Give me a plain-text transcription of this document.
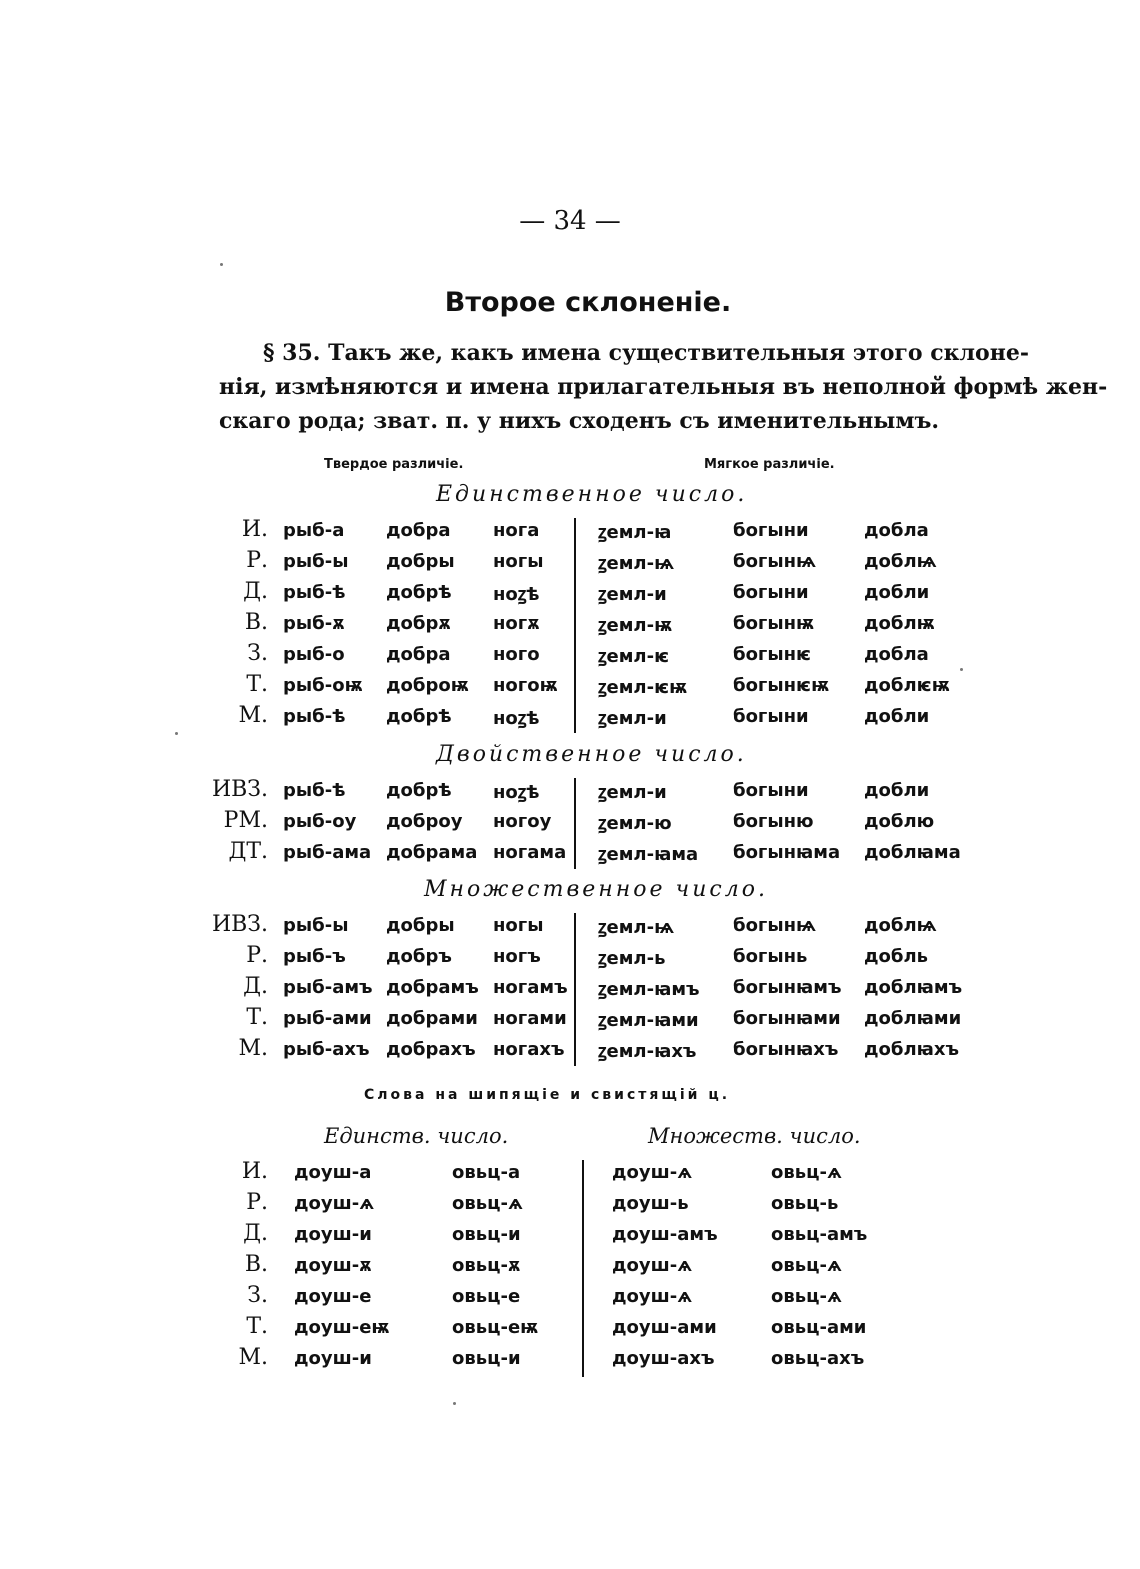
— 34 —
Второе склоненіе.
§ 35. Такъ же, какъ имена существительныя этого склоне-
нія, измѣняются и имена прилагательныя въ неполной формѣ жен-
скаго рода; зват. п. у нихъ сходенъ съ именительнымъ.
Твердое различіе.	Мягкое различіе.
Единственное число.
И. рыб-а добра нога	ꙁемл-ꙗ	богыни	добла
Р. рыб-ы добры ногы	ꙁемл-ѩ	богынѩ	доблѩ
Д. рыб-ѣ добрѣ ноꙁѣ	ꙁемл-и	богыни	добли
В. рыб-ѫ добрѫ ногѫ	ꙁемл-ѭ	богынѭ	доблѭ
З. рыб-о добра ного	ꙁемл-ѥ	богынѥ	добла
Т. рыб-оѭ доброѭ ногоѭ ꙁемл-ѥѭ	богынѥѭ доблѥѭ
М. рыб-ѣ добрѣ ноꙁѣ	ꙁемл-и	богыни	добли
Двойственное число.
ИВЗ. рыб-ѣ добрѣ ноꙁѣ	ꙁемл-и	богыни	добли
РМ. рыб-оу доброу ногоу	ꙁемл-ю	богыню	доблю
ДТ. рыб-ама добрама ногама ꙁемл-ꙗма богынꙗма доблꙗма
Множественное число.
ИВЗ. рыб-ы добры ногы	ꙁемл-ѩ	богынѩ	доблѩ
Р. рыб-ъ добръ ногъ	ꙁемл-ь	богынь	добль
Д. рыб-амъ добрамъ ногамъ ꙁемл-ꙗмъ богынꙗмъ доблꙗмъ
Т. рыб-ами добрами ногами ꙁемл-ꙗми богынꙗми доблꙗми
М. рыб-ахъ добрахъ ногахъ ꙁемл-ꙗхъ богынꙗхъ доблꙗхъ
Слова на шипящіе и свистящій ц.
Единств. число.	Множеств. число.
И. доуш-а	овьц-а	доуш-ѧ	овьц-ѧ
Р. доуш-ѧ	овьц-ѧ	доуш-ь	овьц-ь
Д. доуш-и	овьц-и	доуш-амъ	овьц-амъ
В. доуш-ѫ	овьц-ѫ	доуш-ѧ	овьц-ѧ
З. доуш-е	овьц-е	доуш-ѧ	овьц-ѧ
Т. доуш-еѭ	овьц-еѭ	доуш-ами	овьц-ами
М. доуш-и	овьц-и	доуш-ахъ	овьц-ахъ
